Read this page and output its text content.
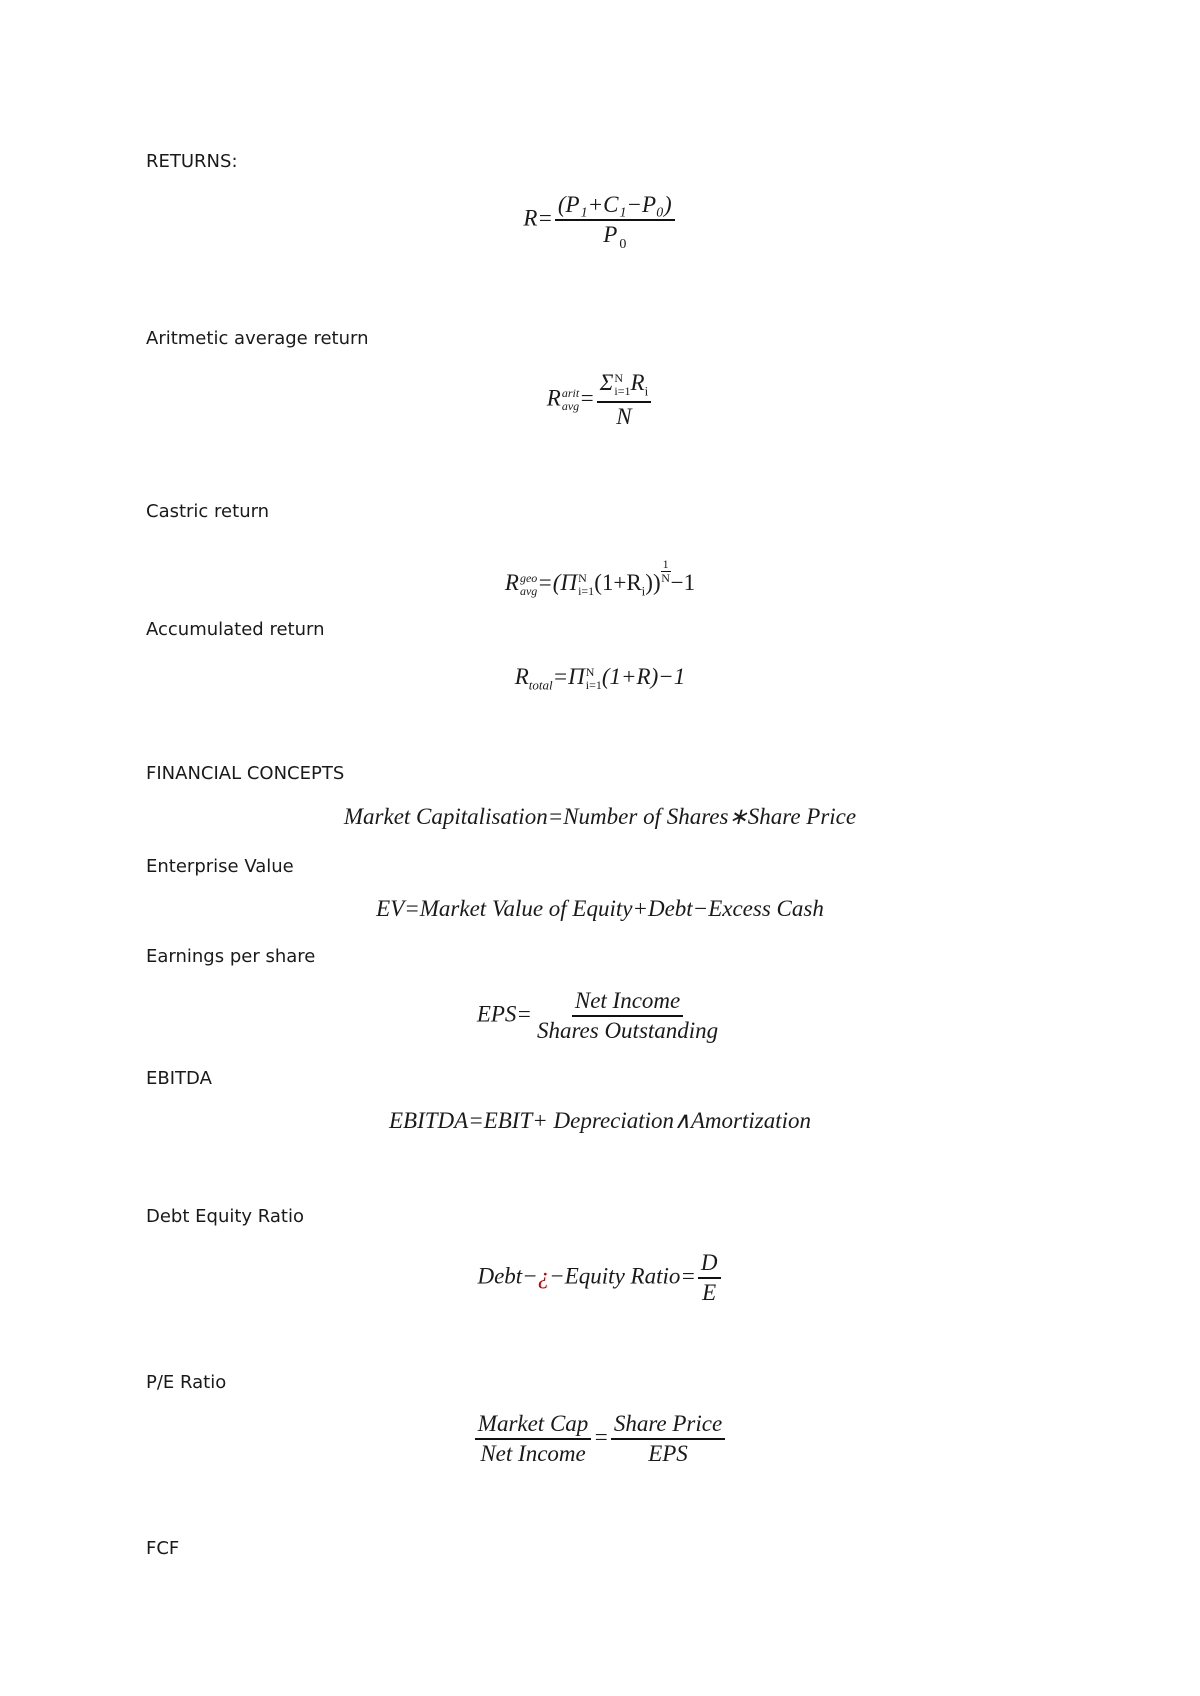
RETURNS:
$R= \frac{\text{(P₁+C₁−P₀)}}{P _0}$
Aritmetic average return
R arit
avg = Σ N
i=1 $R_i$
N
Castric return
R geo
avg =(Π N
i=1 $(1+R_i)) \frac{1}{N} -1$
Accumulated return
$R_{total}=\Pi$ N
i=1 (1+R)−1
FINANCIAL CONCEPTS
Market Capitalisation=Number of Shares∗Share Price
Enterprise Value
EV=Market Value of Equity+Debt−Excess Cash
Earnings per share
$EPS= \frac{\text{Net Income}}{\text{Shares Outstanding}}$
EBITDA
EBITDA=EBIT+ Depreciation∧Amortization
Debt Equity Ratio
Debt−¿−Equity Ratio= $\frac{D}{E}$
P/E Ratio
$\frac{\text{Market Cap}}{\text{Net Income}} = \frac{\text{Share Price}}{\text{EPS}}$
FCF
